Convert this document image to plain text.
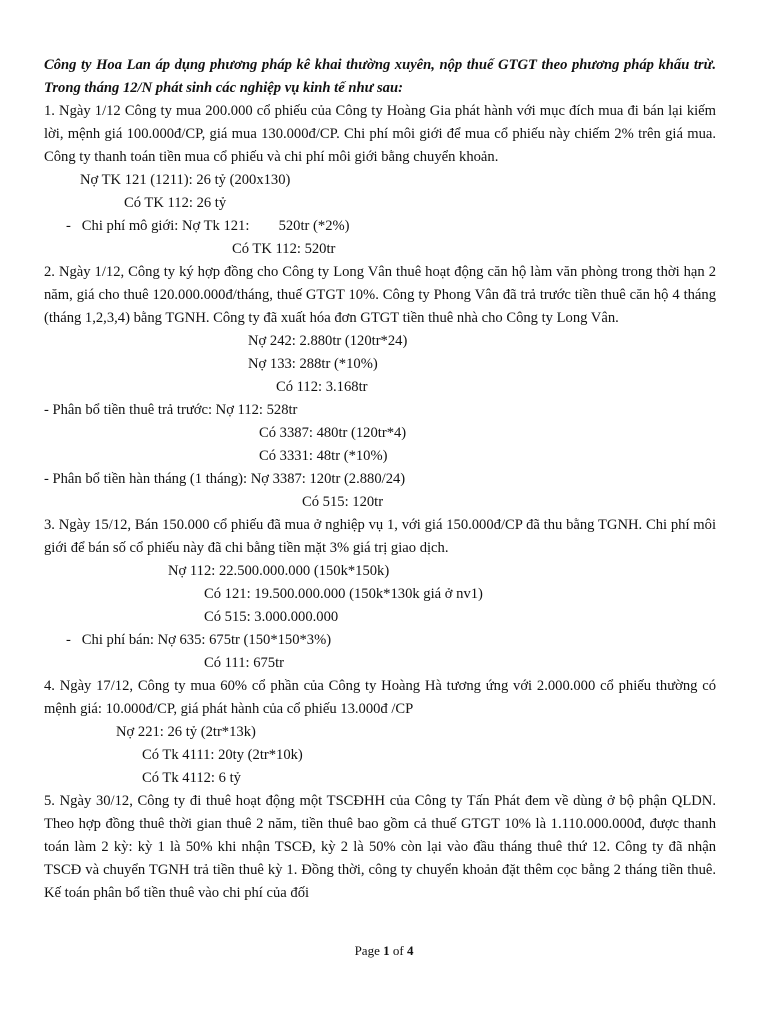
Công ty Hoa Lan áp dụng phương pháp kê khai thường xuyên, nộp thuế GTGT theo phương pháp khấu trừ. Trong tháng 12/N phát sinh các nghiệp vụ kinh tế như sau:
1. Ngày 1/12 Công ty mua 200.000 cổ phiếu của Công ty Hoàng Gia phát hành với mục đích mua đi bán lại kiếm lời, mệnh giá 100.000đ/CP, giá mua 130.000đ/CP. Chi phí môi giới để mua cổ phiếu này chiếm 2% trên giá mua. Công ty thanh toán tiền mua cổ phiếu và chi phí môi giới bằng chuyển khoản.
Nợ TK 121 (1211): 26 tỷ (200x130)
Có TK 112: 26 tỷ
-   Chi phí mô giới: Nợ Tk 121:        520tr (*2%)
Có TK 112: 520tr
2. Ngày 1/12, Công ty ký hợp đồng cho Công ty Long Vân thuê hoạt động căn hộ làm văn phòng trong thời hạn 2 năm, giá cho thuê 120.000.000đ/tháng, thuế GTGT 10%. Công ty Phong Vân đã trả trước tiền thuê căn hộ 4 tháng (tháng 1,2,3,4) bằng TGNH. Công ty đã xuất hóa đơn GTGT tiền thuê nhà cho Công ty Long Vân.
Nợ 242: 2.880tr (120tr*24)
Nợ 133: 288tr (*10%)
Có 112: 3.168tr
- Phân bổ tiền thuê trả trước: Nợ 112: 528tr
Có 3387: 480tr (120tr*4)
Có 3331: 48tr (*10%)
- Phân bổ tiền hàn tháng (1 tháng): Nợ 3387: 120tr (2.880/24)
Có 515: 120tr
3. Ngày 15/12, Bán 150.000 cổ phiếu đã mua ở nghiệp vụ 1, với giá 150.000đ/CP đã thu bằng TGNH. Chi phí môi giới để bán số cổ phiếu này đã chi bằng tiền mặt 3% giá trị giao dịch.
Nợ 112: 22.500.000.000 (150k*150k)
Có 121: 19.500.000.000 (150k*130k giá ở nv1)
Có 515: 3.000.000.000
-   Chi phí bán: Nợ 635: 675tr (150*150*3%)
Có 111: 675tr
4. Ngày 17/12, Công ty mua 60% cổ phần của Công ty Hoàng Hà tương ứng với 2.000.000 cổ phiếu thường có mệnh giá: 10.000đ/CP, giá phát hành của cổ phiếu 13.000đ /CP
Nợ 221: 26 tỷ (2tr*13k)
Có Tk 4111: 20ty (2tr*10k)
Có Tk 4112: 6 tỷ
5. Ngày 30/12, Công ty đi thuê hoạt động một TSCĐHH của Công ty Tấn Phát đem về dùng ở bộ phận QLDN. Theo hợp đồng thuê thời gian thuê 2 năm, tiền thuê bao gồm cả thuế GTGT 10% là 1.110.000.000đ, được thanh toán làm 2 kỳ: kỳ 1 là 50% khi nhận TSCĐ, kỳ 2 là 50% còn lại vào đầu tháng thuê thứ 12. Công ty đã nhận TSCĐ và chuyển TGNH trả tiền thuê kỳ 1. Đồng thời, công ty chuyển khoản đặt thêm cọc bằng 2 tháng tiền thuê. Kế toán phân bổ tiền thuê vào chi phí của đối
Page 1 of 4
